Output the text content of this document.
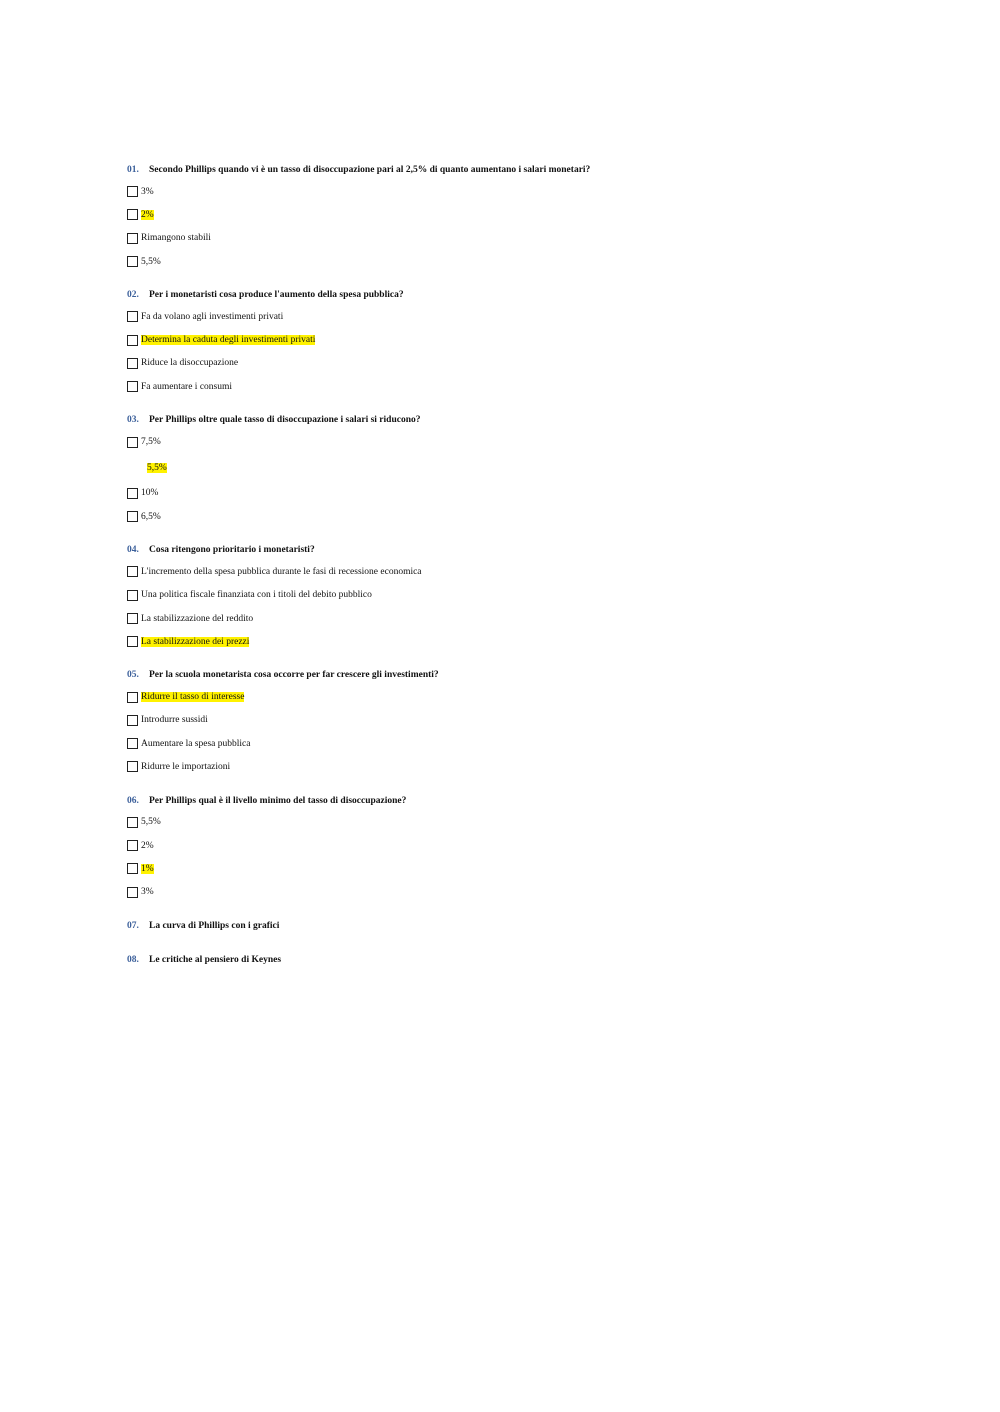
01.	Secondo Phillips quando vi è un tasso di disoccupazione pari al 2,5% di quanto aumentano i salari monetari?
3%
2%
Rimangono stabili
5,5%
02.	Per i monetaristi cosa produce l'aumento della spesa pubblica?
Fa da volano agli investimenti privati
Determina la caduta degli investimenti privati
Riduce la disoccupazione
Fa aumentare i consumi
03.	Per Phillips oltre quale tasso di disoccupazione i salari si riducono?
7,5%
5,5%
10%
6,5%
04.	Cosa ritengono prioritario i monetaristi?
L'incremento della spesa pubblica durante le fasi di recessione economica
Una politica fiscale finanziata con i titoli del debito pubblico
La stabilizzazione del reddito
La stabilizzazione dei prezzi
05.	Per la scuola monetarista cosa occorre per far crescere gli investimenti?
Ridurre il tasso di interesse
Introdurre sussidi
Aumentare la spesa pubblica
Ridurre le importazioni
06.	Per Phillips qual è il livello minimo del tasso di disoccupazione?
5,5%
2%
1%
3%
07.	La curva di Phillips con i grafici
08.	Le critiche al pensiero di Keynes
